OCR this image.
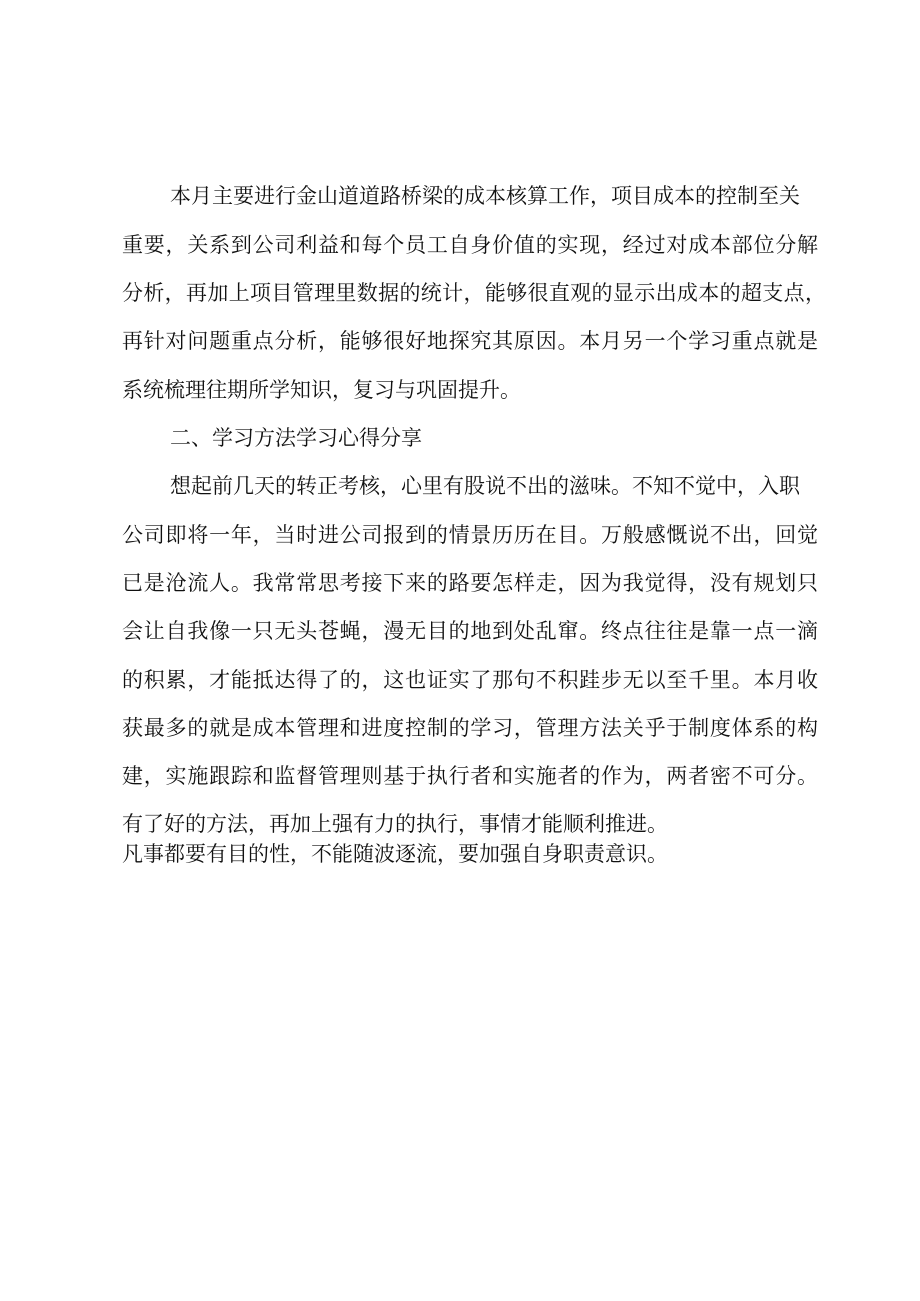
本月主要进行金山道道路桥梁的成本核算工作，项目成本的控制至关
重要，关系到公司利益和每个员工自身价值的实现，经过对成本部位分解
分析，再加上项目管理里数据的统计，能够很直观的显示出成本的超支点，
再针对问题重点分析，能够很好地探究其原因。本月另一个学习重点就是
系统梳理往期所学知识，复习与巩固提升。
二、学习方法学习心得分享
想起前几天的转正考核，心里有股说不出的滋味。不知不觉中，入职
公司即将一年，当时进公司报到的情景历历在目。万般感慨说不出，回觉
已是沧流人。我常常思考接下来的路要怎样走，因为我觉得，没有规划只
会让自我像一只无头苍蝇，漫无目的地到处乱窜。终点往往是靠一点一滴
的积累，才能抵达得了的，这也证实了那句不积跬步无以至千里。本月收
获最多的就是成本管理和进度控制的学习，管理方法关乎于制度体系的构
建，实施跟踪和监督管理则基于执行者和实施者的作为，两者密不可分。
有了好的方法，再加上强有力的执行，事情才能顺利推进。
凡事都要有目的性，不能随波逐流，要加强自身职责意识。
